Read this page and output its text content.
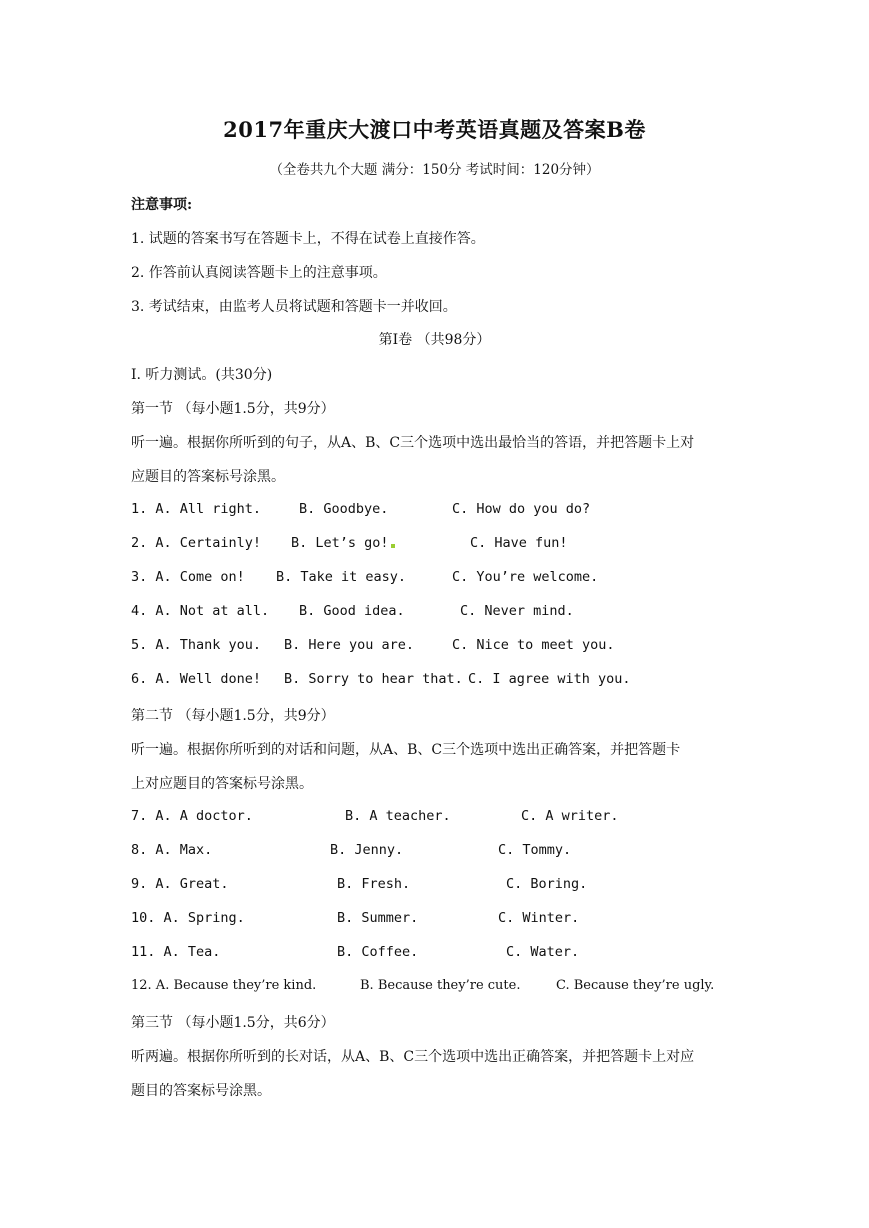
2017年重庆大渡口中考英语真题及答案B卷
（全卷共九个大题 满分：150分 考试时间：120分钟）
注意事项:
1. 试题的答案书写在答题卡上，不得在试卷上直接作答。
2. 作答前认真阅读答题卡上的注意事项。
3. 考试结束，由监考人员将试题和答题卡一并收回。
第Ⅰ卷 （共98分）
I. 听力测试。(共30分)
第一节 （每小题1.5分，共9分）
听一遍。根据你所听到的句子，从A、B、C三个选项中选出最恰当的答语，并把答题卡上对
应题目的答案标号涂黑。
1. A. All right.	B. Goodbye.	C. How do you do?
2. A. Certainly! B. Let’s go!	C. Have fun!
3. A. Come on! B. Take it easy.	C. You’re welcome.
4. A. Not at all. B. Good idea.	C. Never mind.
5. A. Thank you. B. Here you are.	C. Nice to meet you.
6. A. Well done! B. Sorry to hear that. C. I agree with you.
第二节 （每小题1.5分，共9分）
听一遍。根据你所听到的对话和问题，从A、B、C三个选项中选出正确答案，并把答题卡
上对应题目的答案标号涂黑。
7. A. A doctor.	B. A teacher.	C. A writer.
8. A. Max.	B. Jenny.	C. Tommy.
9. A. Great.	B. Fresh.	C. Boring.
10. A. Spring.	B. Summer.	C. Winter.
11. A. Tea.	B. Coffee.	C. Water.
12. A. Because they’re kind.	B. Because they’re cute.	C. Because they’re ugly.
第三节 （每小题1.5分，共6分）
听两遍。根据你所听到的长对话，从A、B、C三个选项中选出正确答案，并把答题卡上对应
题目的答案标号涂黑。
